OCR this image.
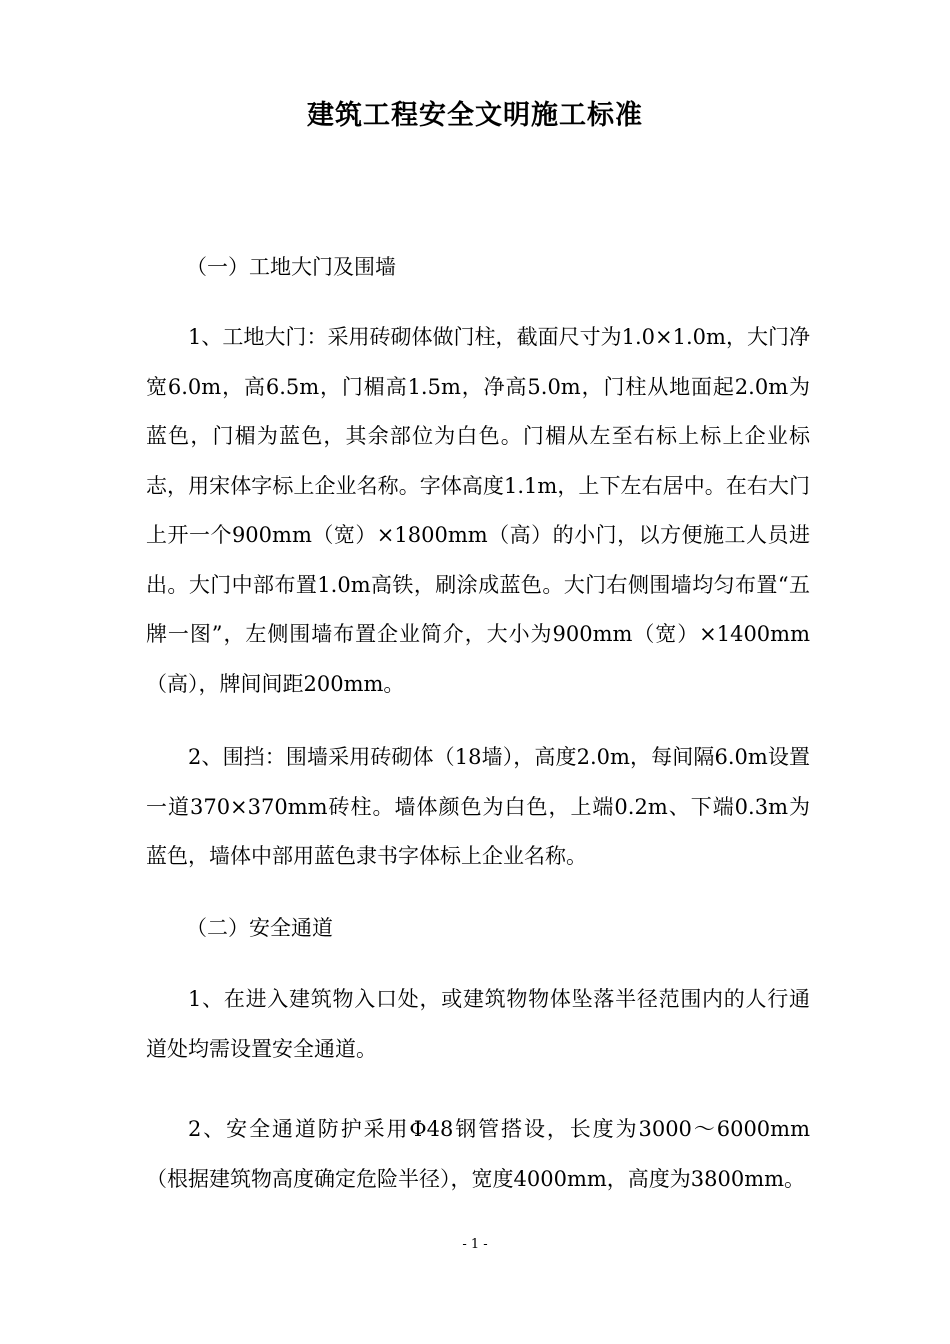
建筑工程安全文明施工标准
（一）工地大门及围墙
1、工地大门：采用砖砌体做门柱，截面尺寸为1.0×1.0m，大门净宽6.0m，高6.5m，门楣高1.5m，净高5.0m，门柱从地面起2.0m为蓝色，门楣为蓝色，其余部位为白色。门楣从左至右标上标上企业标志，用宋体字标上企业名称。字体高度1.1m，上下左右居中。在右大门上开一个900mm（宽）×1800mm（高）的小门，以方便施工人员进出。大门中部布置1.0m高铁，刷涂成蓝色。大门右侧围墙均匀布置“五牌一图”，左侧围墙布置企业简介，大小为900mm（宽）×1400mm（高），牌间间距200mm。
2、围挡：围墙采用砖砌体（18墙），高度2.0m，每间隔6.0m设置一道370×370mm砖柱。墙体颜色为白色，上端0.2m、下端0.3m为蓝色，墙体中部用蓝色隶书字体标上企业名称。
（二）安全通道
1、在进入建筑物入口处，或建筑物物体坠落半径范围内的人行通道处均需设置安全通道。
2、安全通道防护采用Φ48钢管搭设，长度为3000～6000mm（根据建筑物高度确定危险半径），宽度4000mm，高度为3800mm。
- 1 -
